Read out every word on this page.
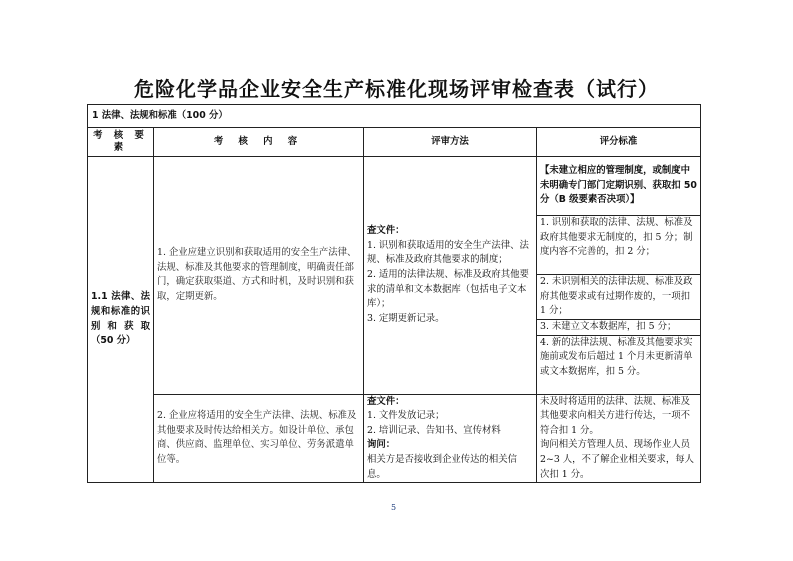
危险化学品企业安全生产标准化现场评审检查表（试行）
1 法律、法规和标准（100 分）			
考 核 要 素	考 核 内 容	评审方法	评分标准
1.1 法律、法规和标准的识别和获取（50 分）	1. 企业应建立识别和获取适用的安全生产法律、法规、标准及其他要求的管理制度，明确责任部门，确定获取渠道、方式和时机，及时识别和获取，定期更新。	查文件：
1. 识别和获取适用的安全生产法律、法规、标准及政府其他要求的制度；
2. 适用的法律法规、标准及政府其他要求的清单和文本数据库（包括电子文本库）；
3. 定期更新记录。	【未建立相应的管理制度，或制度中未明确专门部门定期识别、获取扣 50 分（B 级要素否决项）】
			1. 识别和获取的法律、法规、标准及政府其他要求无制度的，扣 5 分；制度内容不完善的，扣 2 分；
			2. 未识别相关的法律法规、标准及政府其他要求或有过期作废的，一项扣 1 分；
			3. 未建立文本数据库，扣 5 分；
			4. 新的法律法规、标准及其他要求实施前或发布后超过 1 个月未更新清单或文本数据库，扣 5 分。
	2. 企业应将适用的安全生产法律、法规、标准及其他要求及时传达给相关方。如设计单位、承包商、供应商、监理单位、实习单位、劳务派遣单位等。	查文件：
1. 文件发放记录；
2. 培训记录、告知书、宣传材料
询问：
相关方是否接收到企业传达的相关信息。	未及时将适用的法律、法规、标准及其他要求向相关方进行传达，一项不符合扣 1 分。
询问相关方管理人员、现场作业人员 2~3 人，不了解企业相关要求，每人次扣 1 分。

5
